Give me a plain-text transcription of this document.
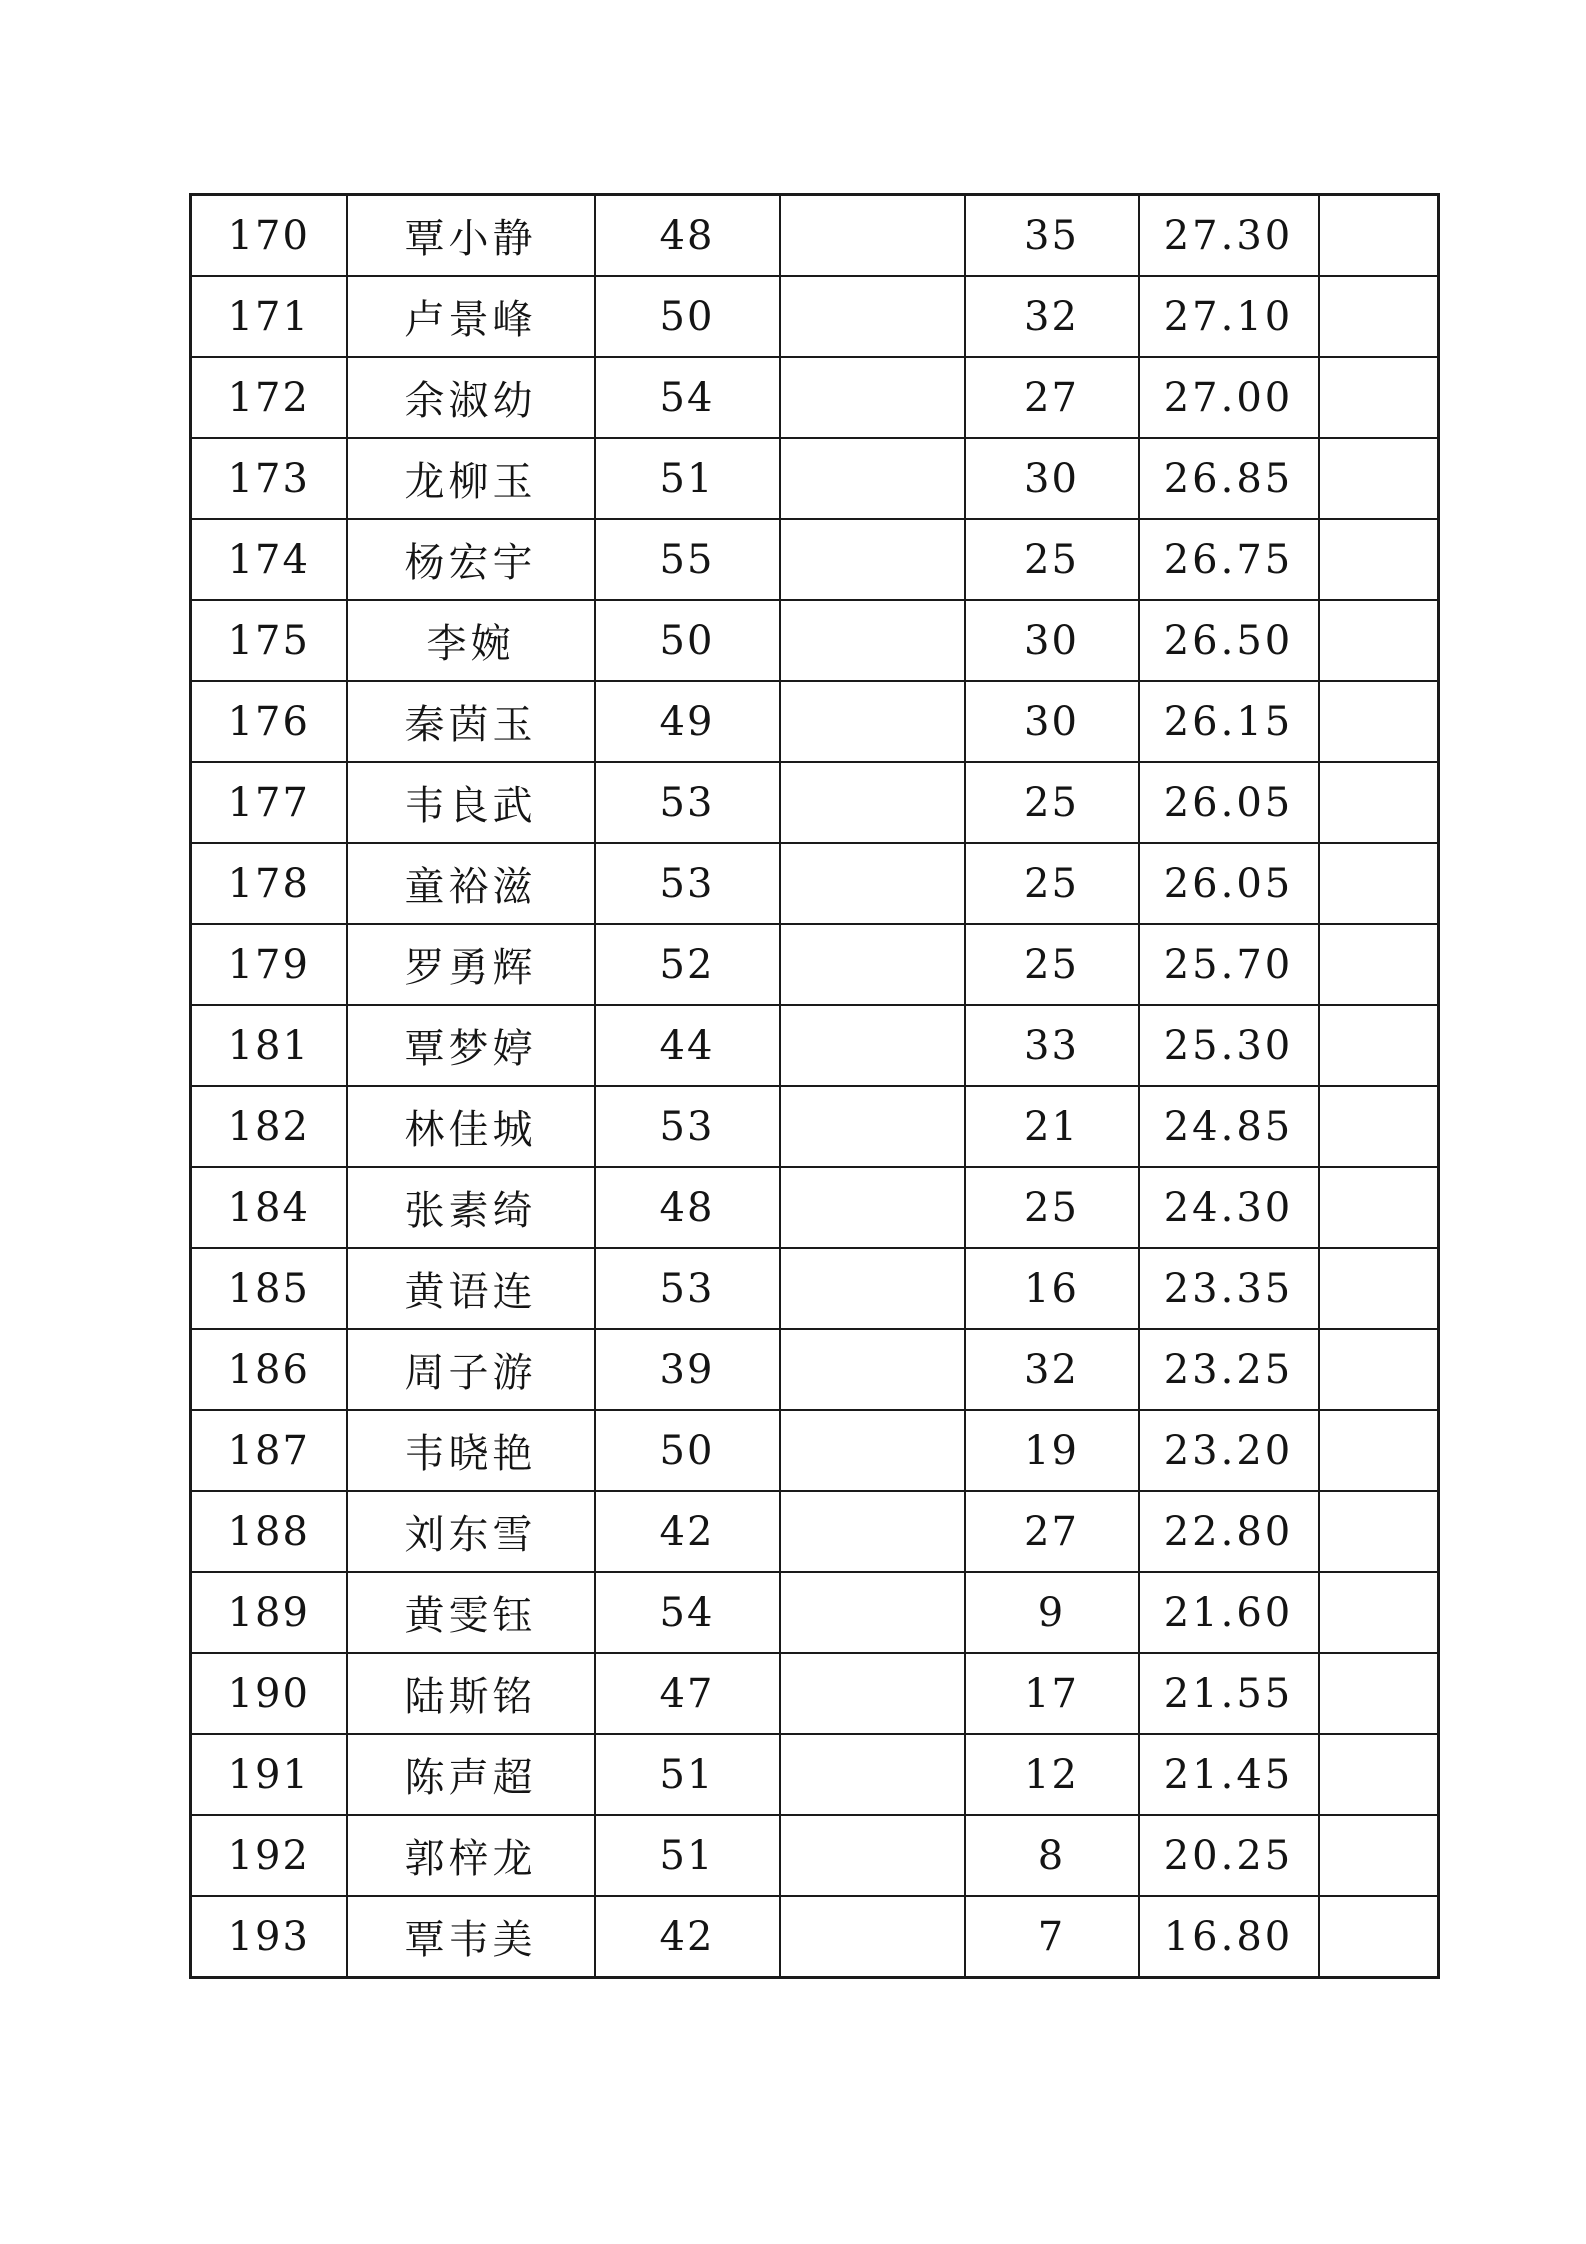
170	覃小静	48		35	27.30	
171	卢景峰	50		32	27.10	
172	余淑幼	54		27	27.00	
173	龙柳玉	51		30	26.85	
174	杨宏宇	55		25	26.75	
175	李婉	50		30	26.50	
176	秦茵玉	49		30	26.15	
177	韦良武	53		25	26.05	
178	童裕滋	53		25	26.05	
179	罗勇辉	52		25	25.70	
181	覃梦婷	44		33	25.30	
182	林佳城	53		21	24.85	
184	张素绮	48		25	24.30	
185	黄语连	53		16	23.35	
186	周子游	39		32	23.25	
187	韦晓艳	50		19	23.20	
188	刘东雪	42		27	22.80	
189	黄雯钰	54		9	21.60	
190	陆斯铭	47		17	21.55	
191	陈声超	51		12	21.45	
192	郭梓龙	51		8	20.25	
193	覃韦美	42		7	16.80	
